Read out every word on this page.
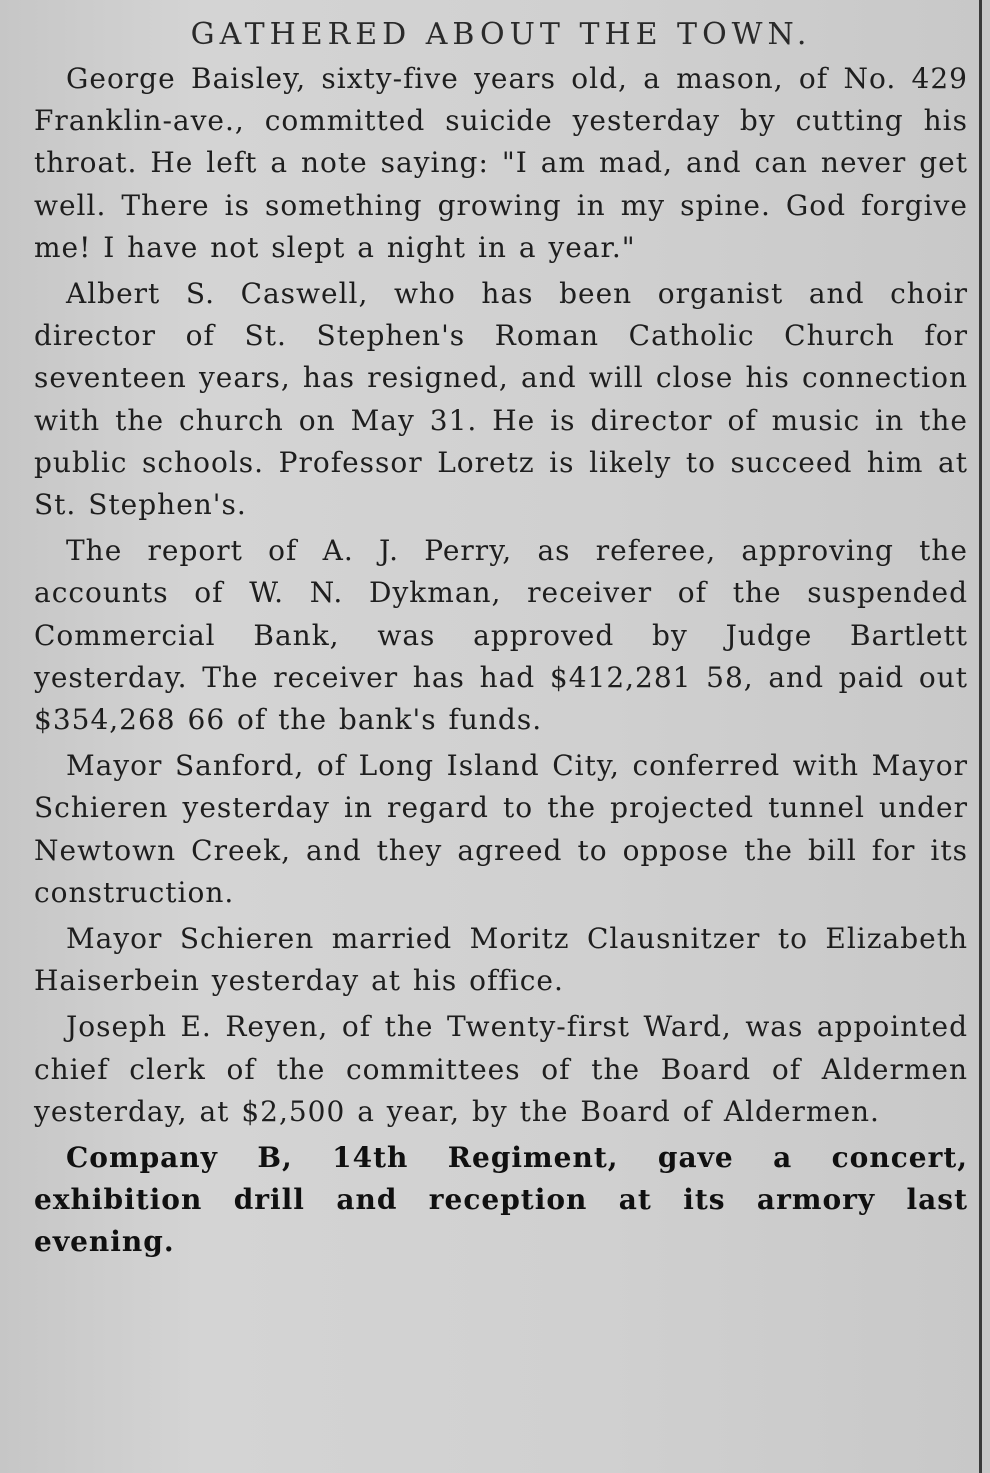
GATHERED ABOUT THE TOWN.

George Baisley, sixty-five years old, a mason, of No. 429 Franklin-ave., committed suicide yesterday by cutting his throat. He left a note saying: "I am mad, and can never get well. There is something growing in my spine. God forgive me! I have not slept a night in a year."

Albert S. Caswell, who has been organist and choir director of St. Stephen's Roman Catholic Church for seventeen years, has resigned, and will close his connection with the church on May 31. He is director of music in the public schools. Professor Loretz is likely to succeed him at St. Stephen's.

The report of A. J. Perry, as referee, approving the accounts of W. N. Dykman, receiver of the suspended Commercial Bank, was approved by Judge Bartlett yesterday. The receiver has had $412,281 58, and paid out $354,268 66 of the bank's funds.

Mayor Sanford, of Long Island City, conferred with Mayor Schieren yesterday in regard to the projected tunnel under Newtown Creek, and they agreed to oppose the bill for its construction.

Mayor Schieren married Moritz Clausnitzer to Elizabeth Haiserbein yesterday at his office.

Joseph E. Reyen, of the Twenty-first Ward, was appointed chief clerk of the committees of the Board of Aldermen yesterday, at $2,500 a year, by the Board of Aldermen.

Company B, 14th Regiment, gave a concert, exhibition drill and reception at its armory last evening.
